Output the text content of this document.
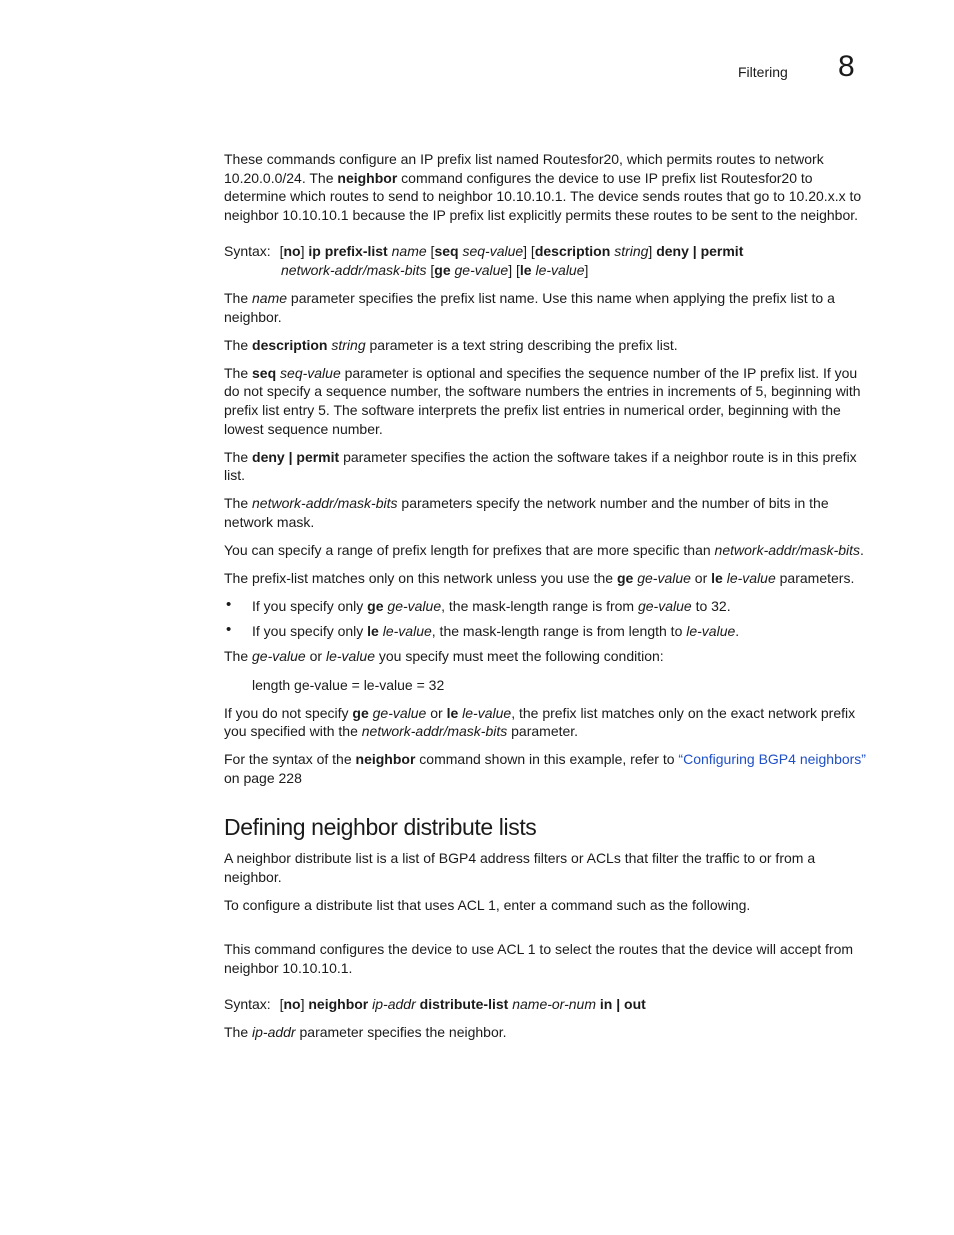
Filtering 8

These commands configure an IP prefix list named Routesfor20, which permits routes to network 10.20.0.0/24. The neighbor command configures the device to use IP prefix list Routesfor20 to determine which routes to send to neighbor 10.10.10.1. The device sends routes that go to 10.20.x.x to neighbor 10.10.10.1 because the IP prefix list explicitly permits these routes to be sent to the neighbor.

Syntax: [no] ip prefix-list name [seq seq-value] [description string] deny | permit
network-addr/mask-bits [ge ge-value] [le le-value]

The name parameter specifies the prefix list name. Use this name when applying the prefix list to a neighbor.

The description string parameter is a text string describing the prefix list.

The seq seq-value parameter is optional and specifies the sequence number of the IP prefix list. If you do not specify a sequence number, the software numbers the entries in increments of 5, beginning with prefix list entry 5. The software interprets the prefix list entries in numerical order, beginning with the lowest sequence number.

The deny | permit parameter specifies the action the software takes if a neighbor route is in this prefix list.

The network-addr/mask-bits parameters specify the network number and the number of bits in the network mask.

You can specify a range of prefix length for prefixes that are more specific than network-addr/mask-bits.

The prefix-list matches only on this network unless you use the ge ge-value or le le-value parameters.

• If you specify only ge ge-value, the mask-length range is from ge-value to 32.
• If you specify only le le-value, the mask-length range is from length to le-value.

The ge-value or le-value you specify must meet the following condition:

length ge-value = le-value = 32

If you do not specify ge ge-value or le le-value, the prefix list matches only on the exact network prefix you specified with the network-addr/mask-bits parameter.

For the syntax of the neighbor command shown in this example, refer to “Configuring BGP4 neighbors” on page 228

Defining neighbor distribute lists

A neighbor distribute list is a list of BGP4 address filters or ACLs that filter the traffic to or from a neighbor.

To configure a distribute list that uses ACL 1, enter a command such as the following.

This command configures the device to use ACL 1 to select the routes that the device will accept from neighbor 10.10.10.1.

Syntax: [no] neighbor ip-addr distribute-list name-or-num in | out

The ip-addr parameter specifies the neighbor.
